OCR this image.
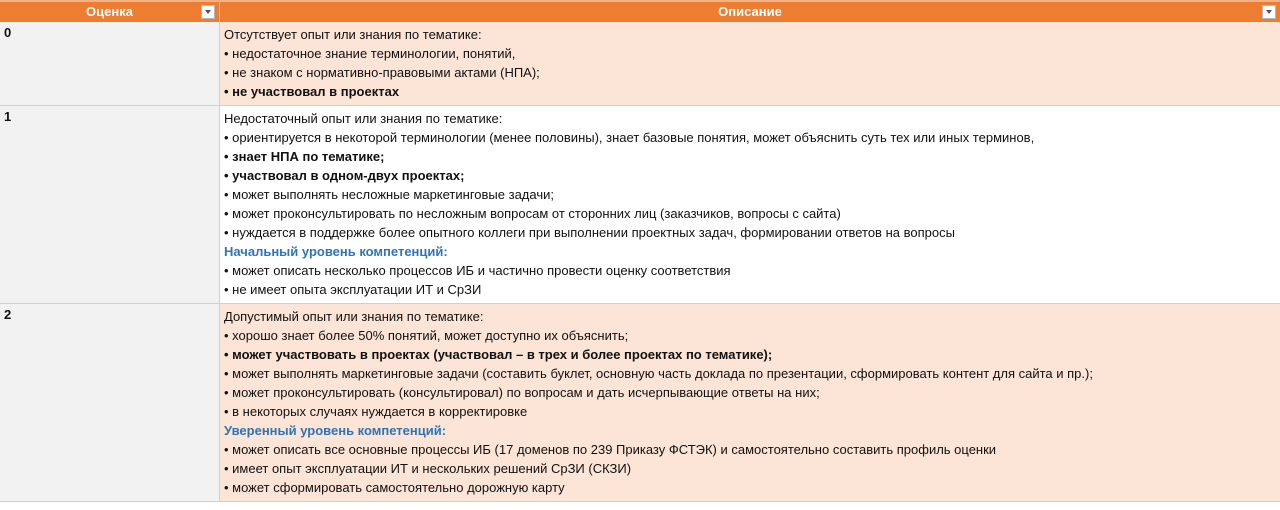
Оценка	Описание
0	Отсутствует опыт или знания по тематике:
• недостаточное знание терминологии, понятий,
• не знаком с нормативно-правовыми актами (НПА);
• не участвовал в проектах
1	Недостаточный опыт или знания по тематике:
• ориентируется в некоторой терминологии (менее половины), знает базовые понятия, может объяснить суть тех или иных терминов,
• знает НПА по тематике;
• участвовал в одном-двух проектах;
• может выполнять несложные маркетинговые задачи;
• может проконсультировать по несложным вопросам от сторонних лиц (заказчиков, вопросы с сайта)
• нуждается в поддержке более опытного коллеги при выполнении проектных задач, формировании ответов на вопросы
Начальный уровень компетенций:
• может описать несколько процессов ИБ и частично провести оценку соответствия
• не имеет опыта эксплуатации ИТ и СрЗИ
2	Допустимый опыт или знания по тематике:
• хорошо знает более 50% понятий, может доступно их объяснить;
• может участвовать в проектах (участвовал – в трех и более проектах по тематике);
• может выполнять маркетинговые задачи (составить буклет, основную часть доклада по презентации, сформировать контент для сайта и пр.);
• может проконсультировать (консультировал) по вопросам и дать исчерпывающие ответы на них;
• в некоторых случаях нуждается в корректировке
Уверенный уровень компетенций:
• может описать все основные процессы ИБ (17 доменов по 239 Приказу ФСТЭК) и самостоятельно составить профиль оценки
• имеет опыт эксплуатации ИТ и нескольких решений СрЗИ (СКЗИ)
• может сформировать самостоятельно дорожную карту
